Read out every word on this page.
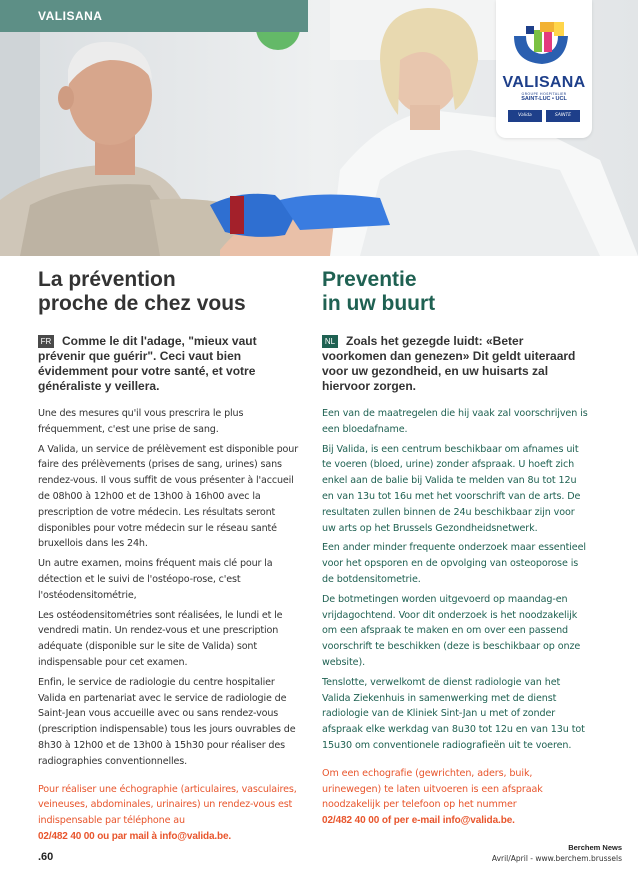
VALISANA
VALISANA
GROUPE HOSPITALIER
SAINT-LUC • UCL
Valida	SAINTE
La prévention
proche de chez vous

FR Comme le dit l'adage, "mieux vaut prévenir que guérir". Ceci vaut bien évidemment pour votre santé, et votre généraliste y veillera.

Une des mesures qu'il vous prescrira le plus fréquemment, c'est une prise de sang.

A Valida, un service de prélèvement est disponible pour faire des prélèvements (prises de sang, urines) sans rendez-vous. Il vous suffit de vous présenter à l'accueil de 08h00 à 12h00 et de 13h00 à 16h00 avec la prescription de votre médecin. Les résultats seront disponibles pour votre médecin sur le réseau santé bruxellois dans les 24h.

Un autre examen, moins fréquent mais clé pour la détection et le suivi de l'ostéopo-rose, c'est l'ostéodensitométrie,

Les ostéodensitométries sont réalisées, le lundi et le vendredi matin. Un rendez-vous et une prescription adéquate (disponible sur le site de Valida) sont indispensable pour cet examen.

Enfin, le service de radiologie du centre hospitalier Valida en partenariat avec le service de radiologie de Saint-Jean vous accueille avec ou sans rendez-vous (prescription indispensable) tous les jours ouvrables de 8h30 à 12h00 et de 13h00 à 15h30 pour réaliser des radiographies conventionnelles.

Pour réaliser une échographie (articulaires, vasculaires, veineuses, abdominales, urinaires) un rendez-vous est indispensable par téléphone au
02/482 40 00 ou par mail à info@valida.be.

Preventie
in uw buurt

NL Zoals het gezegde luidt: «Beter voorkomen dan genezen» Dit geldt uiteraard voor uw gezondheid, en uw huisarts zal hiervoor zorgen.

Een van de maatregelen die hij vaak zal voorschrijven is een bloedafname.

Bij Valida, is een centrum beschikbaar om afnames uit te voeren (bloed, urine) zonder afspraak. U hoeft zich enkel aan de balie bij Valida te melden van 8u tot 12u en van 13u tot 16u met het voorschrift van de arts. De resultaten zullen binnen de 24u beschikbaar zijn voor uw arts op het Brussels Gezondheidsnetwerk.

Een ander minder frequente onderzoek maar essentieel voor het opsporen en de opvolging van osteoporose is de botdensitometrie.

De botmetingen worden uitgevoerd op maandag-en vrijdagochtend. Voor dit onderzoek is het noodzakelijk om een afspraak te maken en om over een passend voorschrift te beschikken (deze is beschikbaar op onze website).

Tenslotte, verwelkomt de dienst radiologie van het Valida Ziekenhuis in samenwerking met de dienst radiologie van de Kliniek Sint-Jan u met of zonder afspraak elke werkdag van 8u30 tot 12u en van 13u tot 15u30 om conventionele radiografieën uit te voeren.

Om een echografie (gewrichten, aders, buik, urinewegen) te laten uitvoeren is een afspraak noodzakelijk per telefoon op het nummer
02/482 40 00 of per e-mail info@valida.be.

.60
Berchem News
Avril/April - www.berchem.brussels
